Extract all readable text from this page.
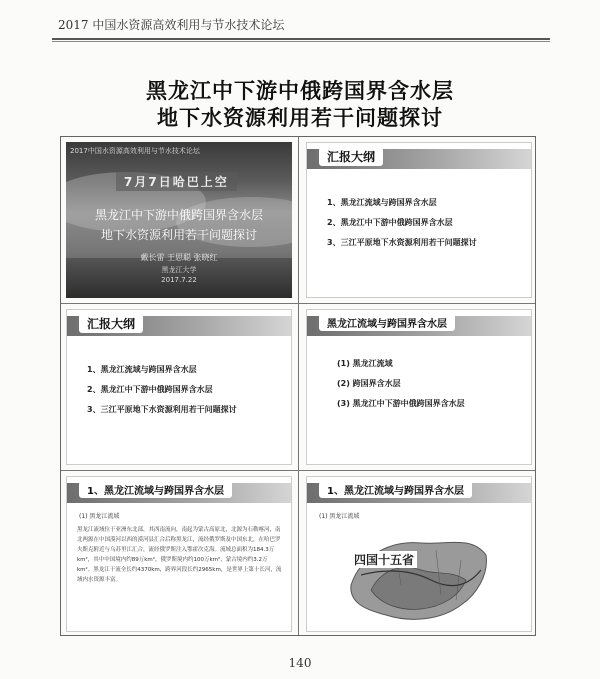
2017 中国水资源高效利用与节水技术论坛
黑龙江中下游中俄跨国界含水层
地下水资源利用若干问题探讨
2017中国水资源高效利用与节水技术论坛
7月7日哈巴上空
黑龙江中下游中俄跨国界含水层
地下水资源利用若干问题探讨
戴长雷 王思聪 张晓红
黑龙江大学
2017.7.22
汇报大纲
1、黑龙江流域与跨国界含水层
2、黑龙江中下游中俄跨国界含水层
3、三江平原地下水资源利用若干问题探讨
汇报大纲
1、黑龙江流域与跨国界含水层
2、黑龙江中下游中俄跨国界含水层
3、三江平原地下水资源利用若干问题探讨
黑龙江流域与跨国界含水层
(1) 黑龙江流域
(2) 跨国界含水层
(3) 黑龙江中下游中俄跨国界含水层
1、黑龙江流域与跨国界含水层
(1) 黑龙江流域
黑龙江流域位于亚洲东北部，其西南流向，南起为蒙古高原北，北源为石勒喀河，南北两源在中国漠河以西的漠河县汇合后称黑龙江，流经俄罗斯及中国东北，在哈巴罗夫斯克附近与乌苏里江汇合，流经俄罗斯注入鄂霍次克海。流域总面积为184.3万km²，其中中国境内约89万km²，俄罗斯境内约100万km²，蒙古境内约3.2万km²。黑龙江干流全长约4370km，跨界河段长约2965km，是世界上第十长河，流域内水资源丰富。
1、黑龙江流域与跨国界含水层
(1) 黑龙江流域
四国十五省
140
